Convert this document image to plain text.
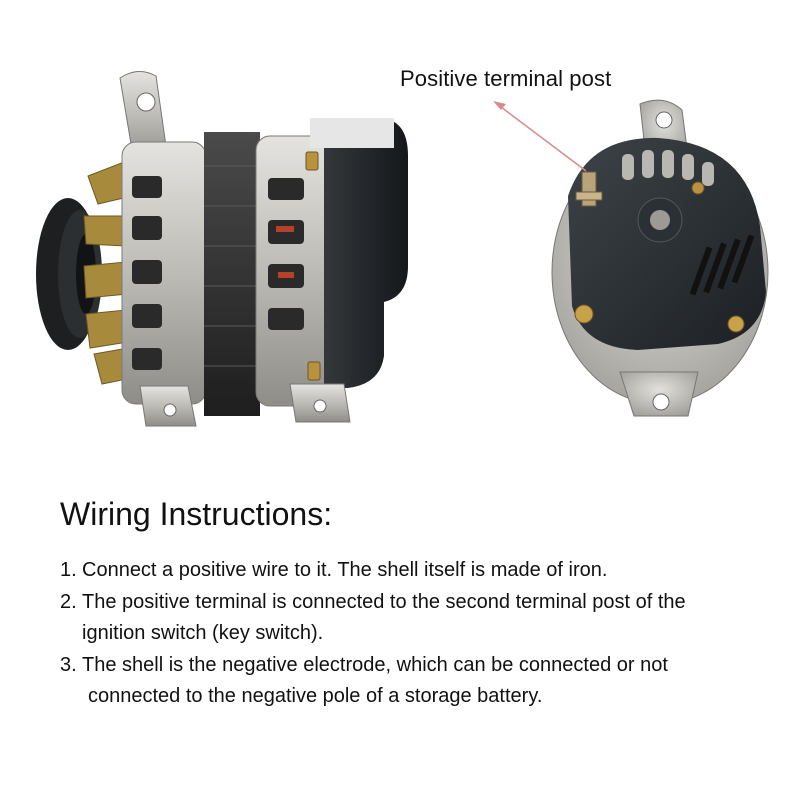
Positive terminal post
Wiring Instructions:
1. Connect a positive wire to it. The shell itself is made of iron.
2. The positive terminal is connected to the second terminal post of the
ignition switch (key switch).
3. The shell is the negative electrode, which can be connected or not
connected to the negative pole of a storage battery.
